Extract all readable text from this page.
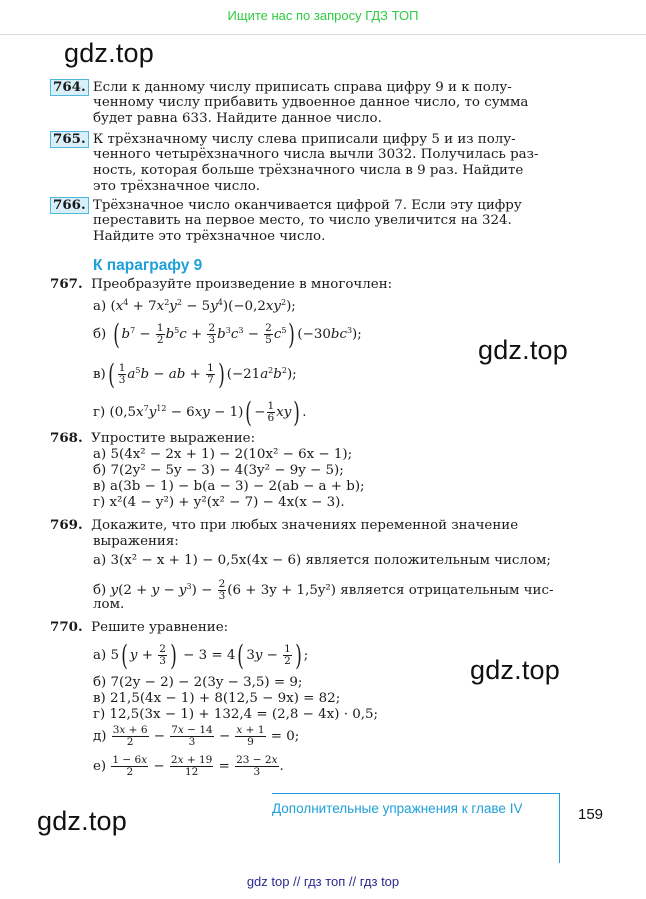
Ищите нас по запросу ГДЗ ТОП
gdz.top
gdz.top
gdz.top
gdz.top
764. Если к данному числу приписать справа цифру 9 и к полу-
ченному числу прибавить удвоенное данное число, то сумма
будет равна 633. Найдите данное число.
765. К трёхзначному числу слева приписали цифру 5 и из полу-
ченного четырёхзначного числа вычли 3032. Получилась раз-
ность, которая больше трёхзначного числа в 9 раз. Найдите
это трёхзначное число.
766. Трёхзначное число оканчивается цифрой 7. Если эту цифру
переставить на первое место, то число увеличится на 324.
Найдите это трёхзначное число.
К параграфу 9
767. Преобразуйте произведение в многочлен:
а) $(x^4 + 7x^2y^2 - 5y^4)(-0,2xy^2)$;
б) ( $b^7 - \frac{1}{2} b^5c + \frac{2}{3} b^3c^3 - \frac{2}{5} c^5$) $(-30bc^3)$;
$в)( \frac{1}{3} a^5b$ − ab + $\frac{1}{7}$ ) $(-21a^2b^2)$;
г) $(0,5x^7y^{12} - 6xy - 1)( - \frac{1}{6} xy)$ .
768. Упростите выражение:
а) 5(4x² − 2x + 1) − 2(10x² − 6x − 1);
б) 7(2y² − 5y − 3) − 4(3y² − 9y − 5);
в) a(3b − 1) − b(a − 3) − 2(ab − a + b);
г) x²(4 − y²) + y²(x² − 7) − 4x(x − 3).
769. Докажите, что при любых значениях переменной значение
выражения:
а) 3(x² − x + 1) − 0,5x(4x − 6) является положительным числом;
б) $y(2 + y - y^3) - \frac{2}{3} (6 + 3y + 1,5y^2)$ является отрицательным чис-
лом.
770. Решите уравнение:
а) 5( $y + \frac{2}{3}$ ) − 3 = 4( $3y - \frac{1}{2}$ ) ;
б) 7(2y − 2) − 2(3y − 3,5) = 9;
в) 21,5(4x − 1) + 8(12,5 − 9x) = 82;
г) 12,5(3x − 1) + 132,4 = (2,8 − 4x) · 0,5;
$д) \frac{3x + 6}{2} - \frac{7x - 14}{3} - \frac{x + 1}{9} = 0$;
$е) \frac{1 - 6x}{2} - \frac{2x + 19}{12} = \frac{23 - 2x}{3}$ .
Дополнительные упражнения к главе IV	159
gdz top // гдз топ // гдз top
